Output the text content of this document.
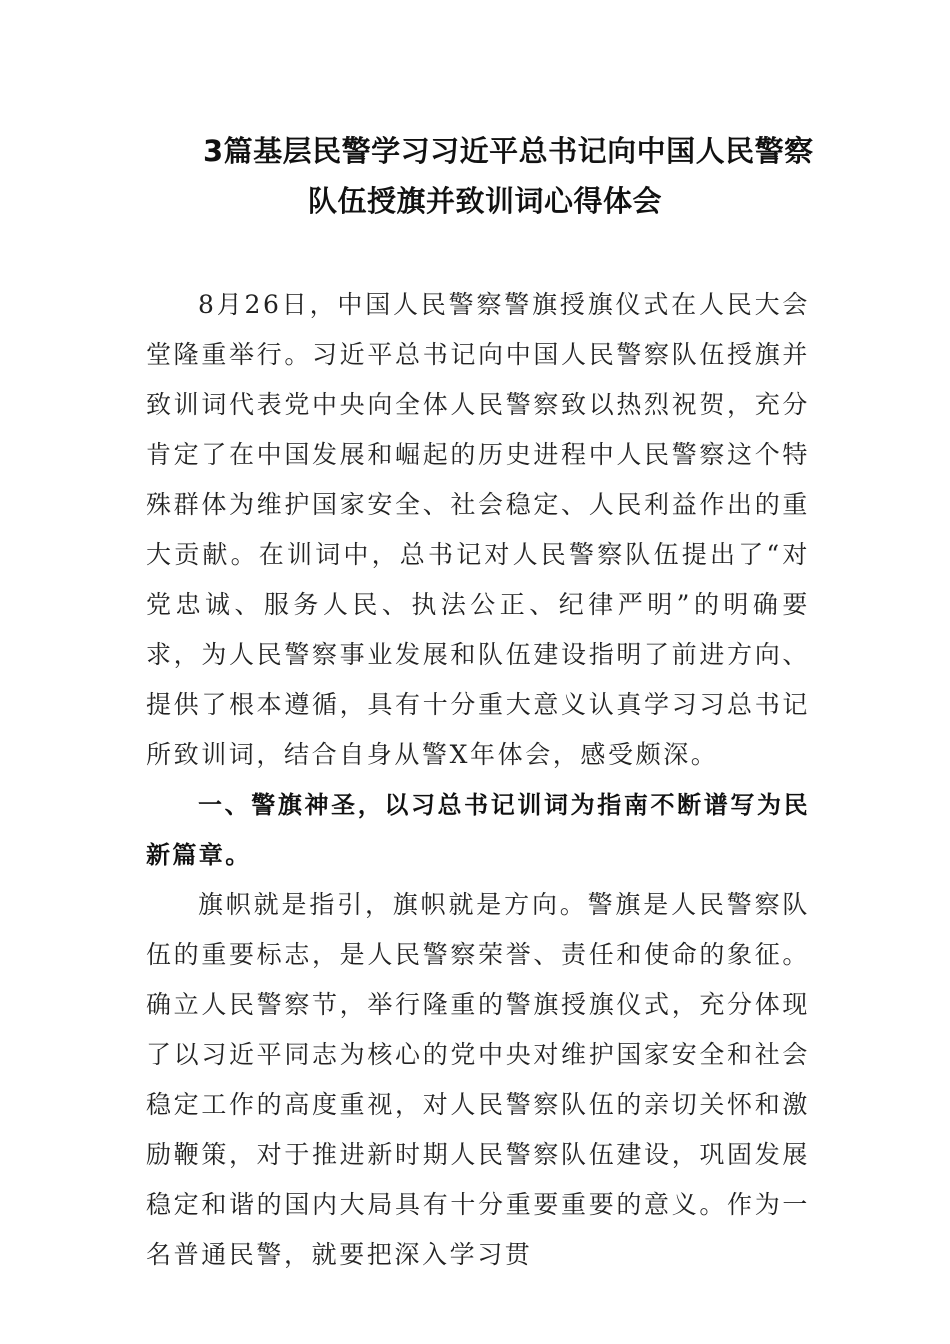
3篇基层民警学习习近平总书记向中国人民警察
队伍授旗并致训词心得体会

8月26日，中国人民警察警旗授旗仪式在人民大会堂隆重举行。习近平总书记向中国人民警察队伍授旗并致训词代表党中央向全体人民警察致以热烈祝贺，充分肯定了在中国发展和崛起的历史进程中人民警察这个特殊群体为维护国家安全、社会稳定、人民利益作出的重大贡献。在训词中，总书记对人民警察队伍提出了“对党忠诚、服务人民、执法公正、纪律严明”的明确要求，为人民警察事业发展和队伍建设指明了前进方向、提供了根本遵循，具有十分重大意义认真学习习总书记所致训词，结合自身从警X年体会，感受颇深。

一、警旗神圣，以习总书记训词为指南不断谱写为民新篇章。

旗帜就是指引，旗帜就是方向。警旗是人民警察队伍的重要标志，是人民警察荣誉、责任和使命的象征。确立人民警察节，举行隆重的警旗授旗仪式，充分体现了以习近平同志为核心的党中央对维护国家安全和社会稳定工作的高度重视，对人民警察队伍的亲切关怀和激励鞭策，对于推进新时期人民警察队伍建设，巩固发展稳定和谐的国内大局具有十分重要重要的意义。作为一名普通民警，就要把深入学习贯
